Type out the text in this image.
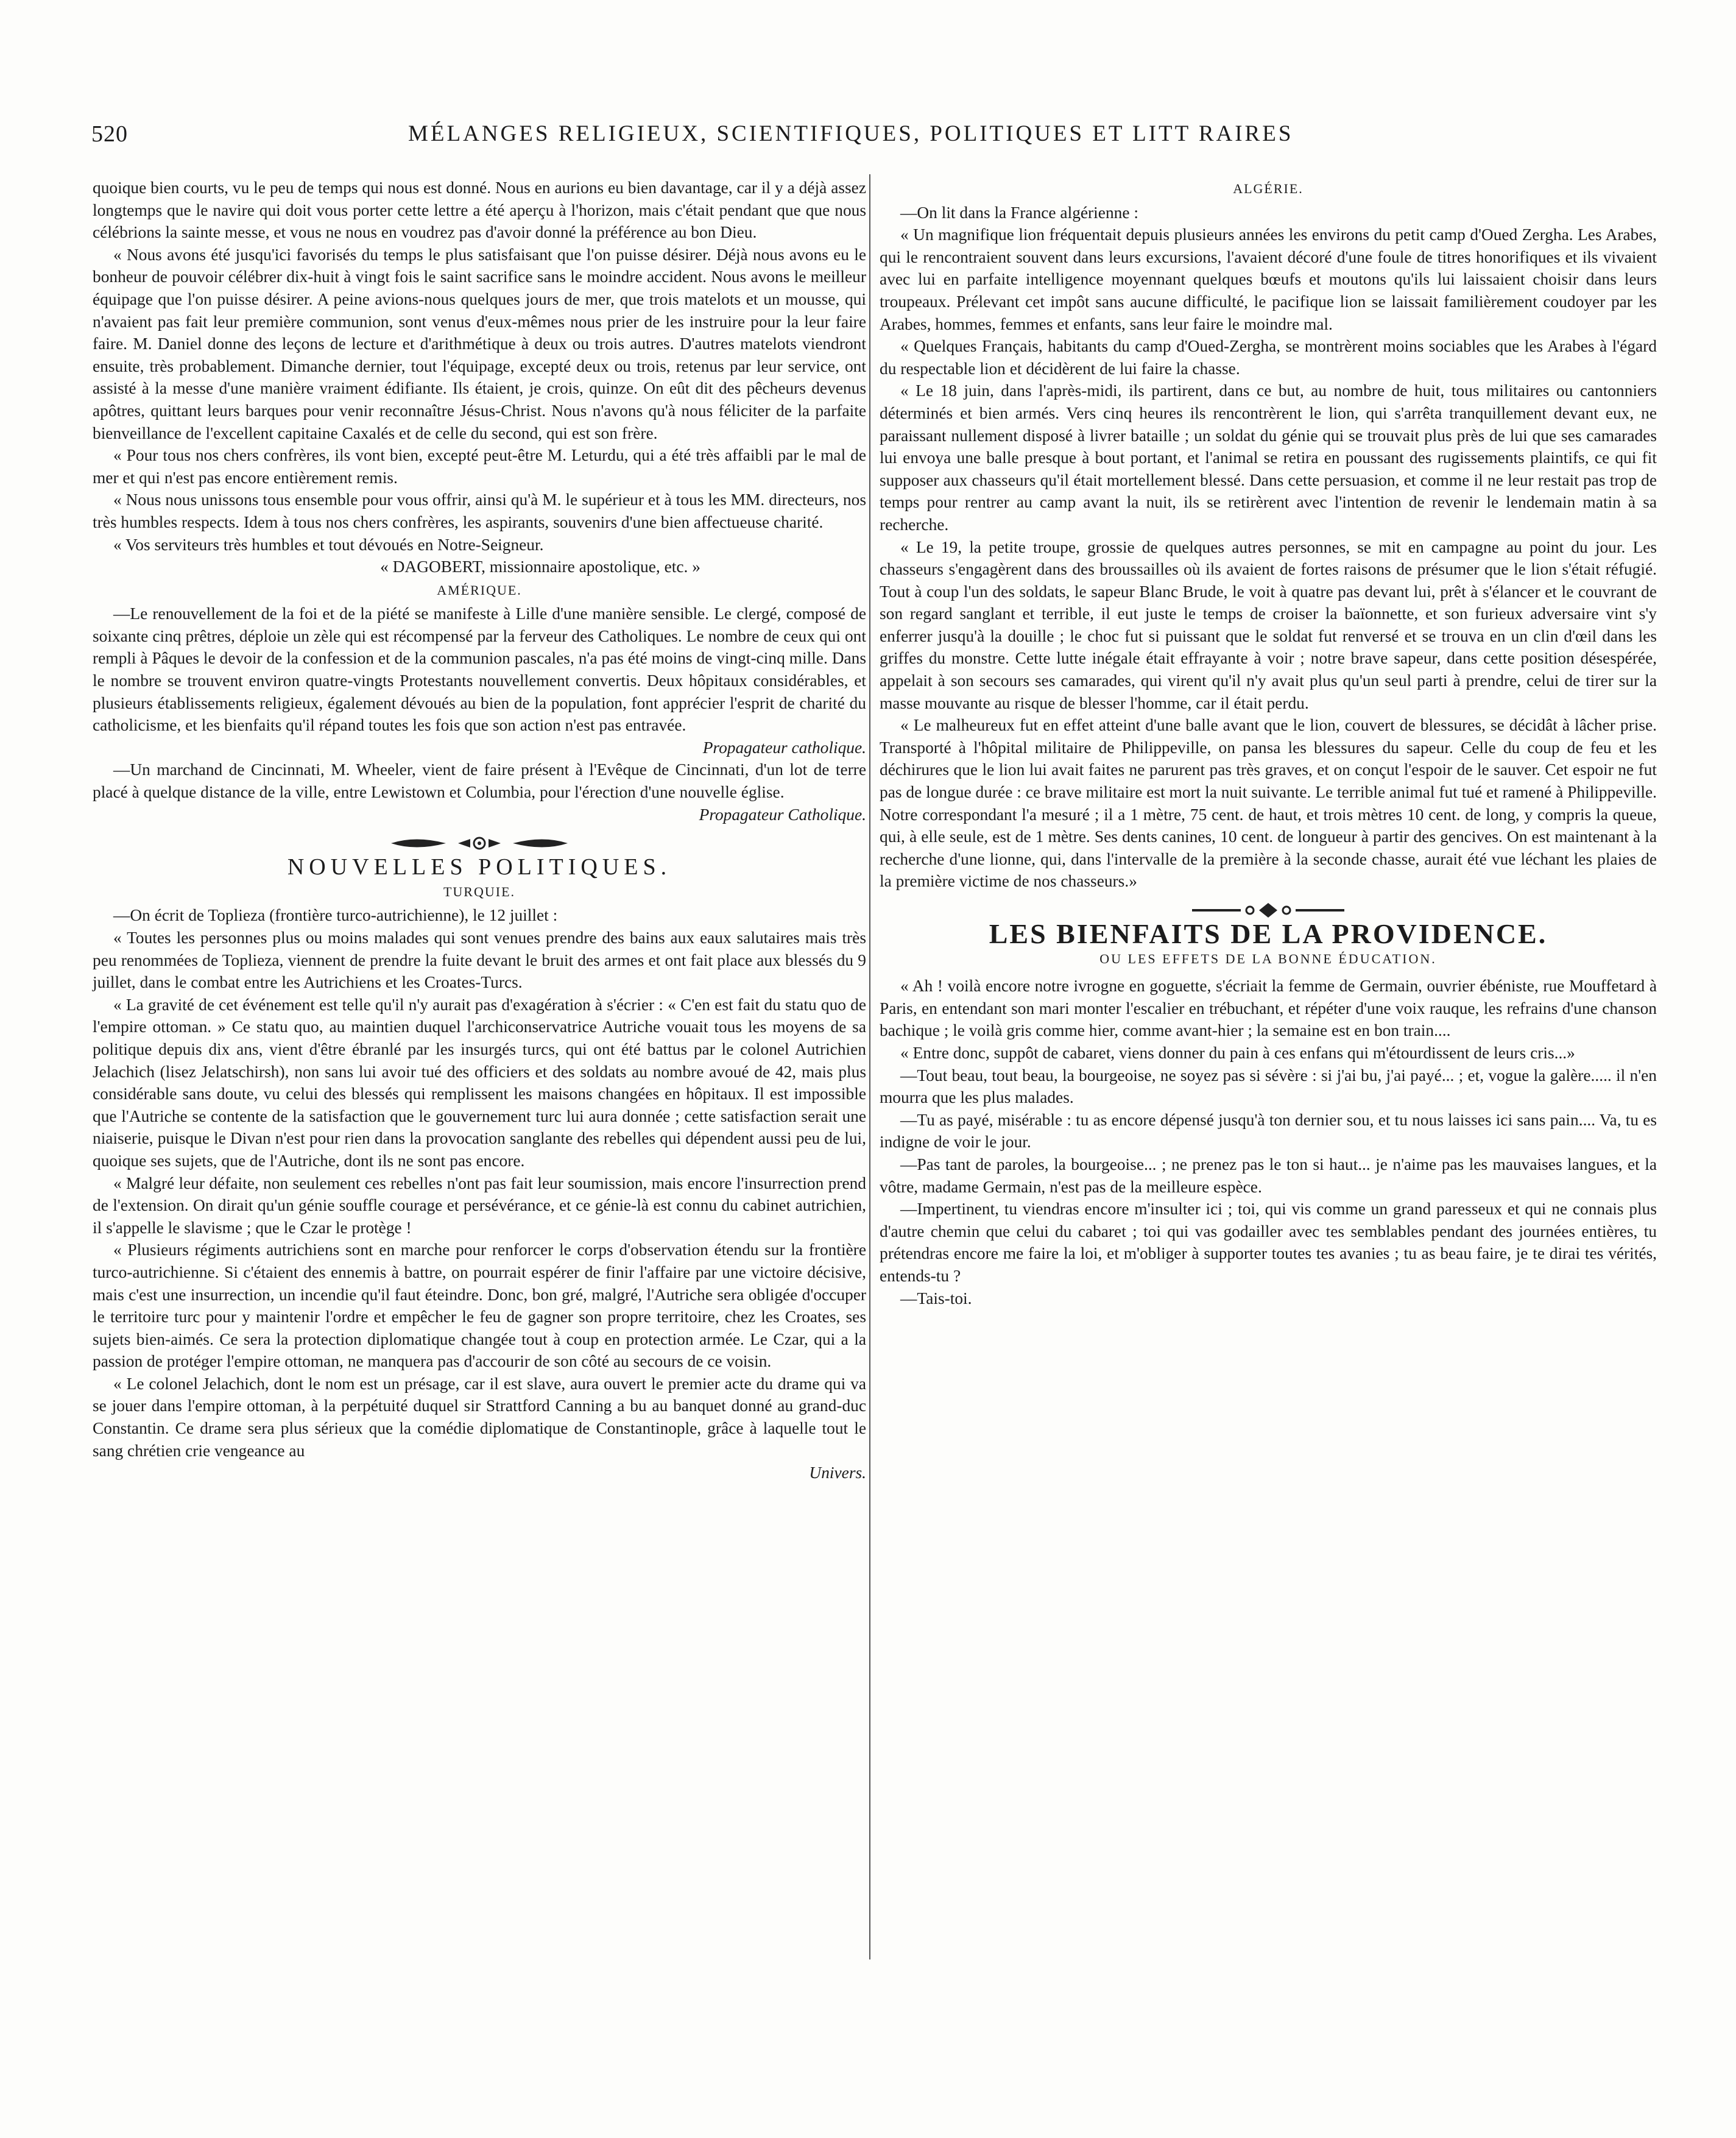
520	MÉLANGES RELIGIEUX, SCIENTIFIQUES, POLITIQUES ET LITT RAIRES

quoique bien courts, vu le peu de temps qui nous est donné. Nous en aurions eu bien davantage, car il y a déjà assez longtemps que le navire qui doit vous porter cette lettre a été aperçu à l'horizon, mais c'était pendant que que nous célébrions la sainte messe, et vous ne nous en voudrez pas d'avoir donné la préférence au bon Dieu.

« Nous avons été jusqu'ici favorisés du temps le plus satisfaisant que l'on puisse désirer. Déjà nous avons eu le bonheur de pouvoir célébrer dix-huit à vingt fois le saint sacrifice sans le moindre accident. Nous avons le meilleur équipage que l'on puisse désirer. A peine avions-nous quelques jours de mer, que trois matelots et un mousse, qui n'avaient pas fait leur première communion, sont venus d'eux-mêmes nous prier de les instruire pour la leur faire faire. M. Daniel donne des leçons de lecture et d'arithmétique à deux ou trois autres. D'autres matelots viendront ensuite, très probablement. Dimanche dernier, tout l'équipage, excepté deux ou trois, retenus par leur service, ont assisté à la messe d'une manière vraiment édifiante. Ils étaient, je crois, quinze. On eût dit des pêcheurs devenus apôtres, quittant leurs barques pour venir reconnaître Jésus-Christ. Nous n'avons qu'à nous féliciter de la parfaite bienveillance de l'excellent capitaine Caxalés et de celle du second, qui est son frère.

« Pour tous nos chers confrères, ils vont bien, excepté peut-être M. Leturdu, qui a été très affaibli par le mal de mer et qui n'est pas encore entièrement remis.

« Nous nous unissons tous ensemble pour vous offrir, ainsi qu'à M. le supérieur et à tous les MM. directeurs, nos très humbles respects. Idem à tous nos chers confrères, les aspirants, souvenirs d'une bien affectueuse charité.

« Vos serviteurs très humbles et tout dévoués en Notre-Seigneur.

« DAGOBERT, missionnaire apostolique, etc. »

AMÉRIQUE.

—Le renouvellement de la foi et de la piété se manifeste à Lille d'une manière sensible. Le clergé, composé de soixante cinq prêtres, déploie un zèle qui est récompensé par la ferveur des Catholiques. Le nombre de ceux qui ont rempli à Pâques le devoir de la confession et de la communion pascales, n'a pas été moins de vingt-cinq mille. Dans le nombre se trouvent environ quatre-vingts Protestants nouvellement convertis. Deux hôpitaux considérables, et plusieurs établissements religieux, également dévoués au bien de la population, font apprécier l'esprit de charité du catholicisme, et les bienfaits qu'il répand toutes les fois que son action n'est pas entravée.

Propagateur catholique.

—Un marchand de Cincinnati, M. Wheeler, vient de faire présent à l'Evêque de Cincinnati, d'un lot de terre placé à quelque distance de la ville, entre Lewistown et Columbia, pour l'érection d'une nouvelle église.

Propagateur Catholique.

NOUVELLES POLITIQUES.
TURQUIE.

—On écrit de Toplieza (frontière turco-autrichienne), le 12 juillet :

« Toutes les personnes plus ou moins malades qui sont venues prendre des bains aux eaux salutaires mais très peu renommées de Toplieza, viennent de prendre la fuite devant le bruit des armes et ont fait place aux blessés du 9 juillet, dans le combat entre les Autrichiens et les Croates-Turcs.

« La gravité de cet événement est telle qu'il n'y aurait pas d'exagération à s'écrier : « C'en est fait du statu quo de l'empire ottoman. » Ce statu quo, au maintien duquel l'archiconservatrice Autriche vouait tous les moyens de sa politique depuis dix ans, vient d'être ébranlé par les insurgés turcs, qui ont été battus par le colonel Autrichien Jelachich (lisez Jelatschirsh), non sans lui avoir tué des officiers et des soldats au nombre avoué de 42, mais plus considérable sans doute, vu celui des blessés qui remplissent les maisons changées en hôpitaux. Il est impossible que l'Autriche se contente de la satisfaction que le gouvernement turc lui aura donnée ; cette satisfaction serait une niaiserie, puisque le Divan n'est pour rien dans la provocation sanglante des rebelles qui dépendent aussi peu de lui, quoique ses sujets, que de l'Autriche, dont ils ne sont pas encore.

« Malgré leur défaite, non seulement ces rebelles n'ont pas fait leur soumission, mais encore l'insurrection prend de l'extension. On dirait qu'un génie souffle courage et persévérance, et ce génie-là est connu du cabinet autrichien, il s'appelle le slavisme ; que le Czar le protège !

« Plusieurs régiments autrichiens sont en marche pour renforcer le corps d'observation étendu sur la frontière turco-autrichienne. Si c'étaient des ennemis à battre, on pourrait espérer de finir l'affaire par une victoire décisive, mais c'est une insurrection, un incendie qu'il faut éteindre. Donc, bon gré, malgré, l'Autriche sera obligée d'occuper le territoire turc pour y maintenir l'ordre et empêcher le feu de gagner son propre territoire, chez les Croates, ses sujets bien-aimés. Ce sera la protection diplomatique changée tout à coup en protection armée. Le Czar, qui a la passion de protéger l'empire ottoman, ne manquera pas d'accourir de son côté au secours de ce voisin.

« Le colonel Jelachich, dont le nom est un présage, car il est slave, aura ouvert le premier acte du drame qui va se jouer dans l'empire ottoman, à la perpétuité duquel sir Strattford Canning a bu au banquet donné au grand-duc Constantin. Ce drame sera plus sérieux que la comédie diplomatique de Constantinople, grâce à laquelle tout le sang chrétien crie vengeance au

Univers.

ALGÉRIE.

—On lit dans la France algérienne :

« Un magnifique lion fréquentait depuis plusieurs années les environs du petit camp d'Oued Zergha. Les Arabes, qui le rencontraient souvent dans leurs excursions, l'avaient décoré d'une foule de titres honorifiques et ils vivaient avec lui en parfaite intelligence moyennant quelques bœufs et moutons qu'ils lui laissaient choisir dans leurs troupeaux. Prélevant cet impôt sans aucune difficulté, le pacifique lion se laissait familièrement coudoyer par les Arabes, hommes, femmes et enfants, sans leur faire le moindre mal.

« Quelques Français, habitants du camp d'Oued-Zergha, se montrèrent moins sociables que les Arabes à l'égard du respectable lion et décidèrent de lui faire la chasse.

« Le 18 juin, dans l'après-midi, ils partirent, dans ce but, au nombre de huit, tous militaires ou cantonniers déterminés et bien armés. Vers cinq heures ils rencontrèrent le lion, qui s'arrêta tranquillement devant eux, ne paraissant nullement disposé à livrer bataille ; un soldat du génie qui se trouvait plus près de lui que ses camarades lui envoya une balle presque à bout portant, et l'animal se retira en poussant des rugissements plaintifs, ce qui fit supposer aux chasseurs qu'il était mortellement blessé. Dans cette persuasion, et comme il ne leur restait pas trop de temps pour rentrer au camp avant la nuit, ils se retirèrent avec l'intention de revenir le lendemain matin à sa recherche.

« Le 19, la petite troupe, grossie de quelques autres personnes, se mit en campagne au point du jour. Les chasseurs s'engagèrent dans des broussailles où ils avaient de fortes raisons de présumer que le lion s'était réfugié. Tout à coup l'un des soldats, le sapeur Blanc Brude, le voit à quatre pas devant lui, prêt à s'élancer et le couvrant de son regard sanglant et terrible, il eut juste le temps de croiser la baïonnette, et son furieux adversaire vint s'y enferrer jusqu'à la douille ; le choc fut si puissant que le soldat fut renversé et se trouva en un clin d'œil dans les griffes du monstre. Cette lutte inégale était effrayante à voir ; notre brave sapeur, dans cette position désespérée, appelait à son secours ses camarades, qui virent qu'il n'y avait plus qu'un seul parti à prendre, celui de tirer sur la masse mouvante au risque de blesser l'homme, car il était perdu.

« Le malheureux fut en effet atteint d'une balle avant que le lion, couvert de blessures, se décidât à lâcher prise. Transporté à l'hôpital militaire de Philippeville, on pansa les blessures du sapeur. Celle du coup de feu et les déchirures que le lion lui avait faites ne parurent pas très graves, et on conçut l'espoir de le sauver. Cet espoir ne fut pas de longue durée : ce brave militaire est mort la nuit suivante. Le terrible animal fut tué et ramené à Philippeville. Notre correspondant l'a mesuré ; il a 1 mètre, 75 cent. de haut, et trois mètres 10 cent. de long, y compris la queue, qui, à elle seule, est de 1 mètre. Ses dents canines, 10 cent. de longueur à partir des gencives. On est maintenant à la recherche d'une lionne, qui, dans l'intervalle de la première à la seconde chasse, aurait été vue léchant les plaies de la première victime de nos chasseurs.»

LES BIENFAITS DE LA PROVIDENCE.
OU LES EFFETS DE LA BONNE ÉDUCATION.

« Ah ! voilà encore notre ivrogne en goguette, s'écriait la femme de Germain, ouvrier ébéniste, rue Mouffetard à Paris, en entendant son mari monter l'escalier en trébuchant, et répéter d'une voix rauque, les refrains d'une chanson bachique ; le voilà gris comme hier, comme avant-hier ; la semaine est en bon train....

« Entre donc, suppôt de cabaret, viens donner du pain à ces enfans qui m'étourdissent de leurs cris...»

—Tout beau, tout beau, la bourgeoise, ne soyez pas si sévère : si j'ai bu, j'ai payé... ; et, vogue la galère..... il n'en mourra que les plus malades.

—Tu as payé, misérable : tu as encore dépensé jusqu'à ton dernier sou, et tu nous laisses ici sans pain.... Va, tu es indigne de voir le jour.

—Pas tant de paroles, la bourgeoise... ; ne prenez pas le ton si haut... je n'aime pas les mauvaises langues, et la vôtre, madame Germain, n'est pas de la meilleure espèce.

—Impertinent, tu viendras encore m'insulter ici ; toi, qui vis comme un grand paresseux et qui ne connais plus d'autre chemin que celui du cabaret ; toi qui vas godailler avec tes semblables pendant des journées entières, tu prétendras encore me faire la loi, et m'obliger à supporter toutes tes avanies ; tu as beau faire, je te dirai tes vérités, entends-tu ?

—Tais-toi.
